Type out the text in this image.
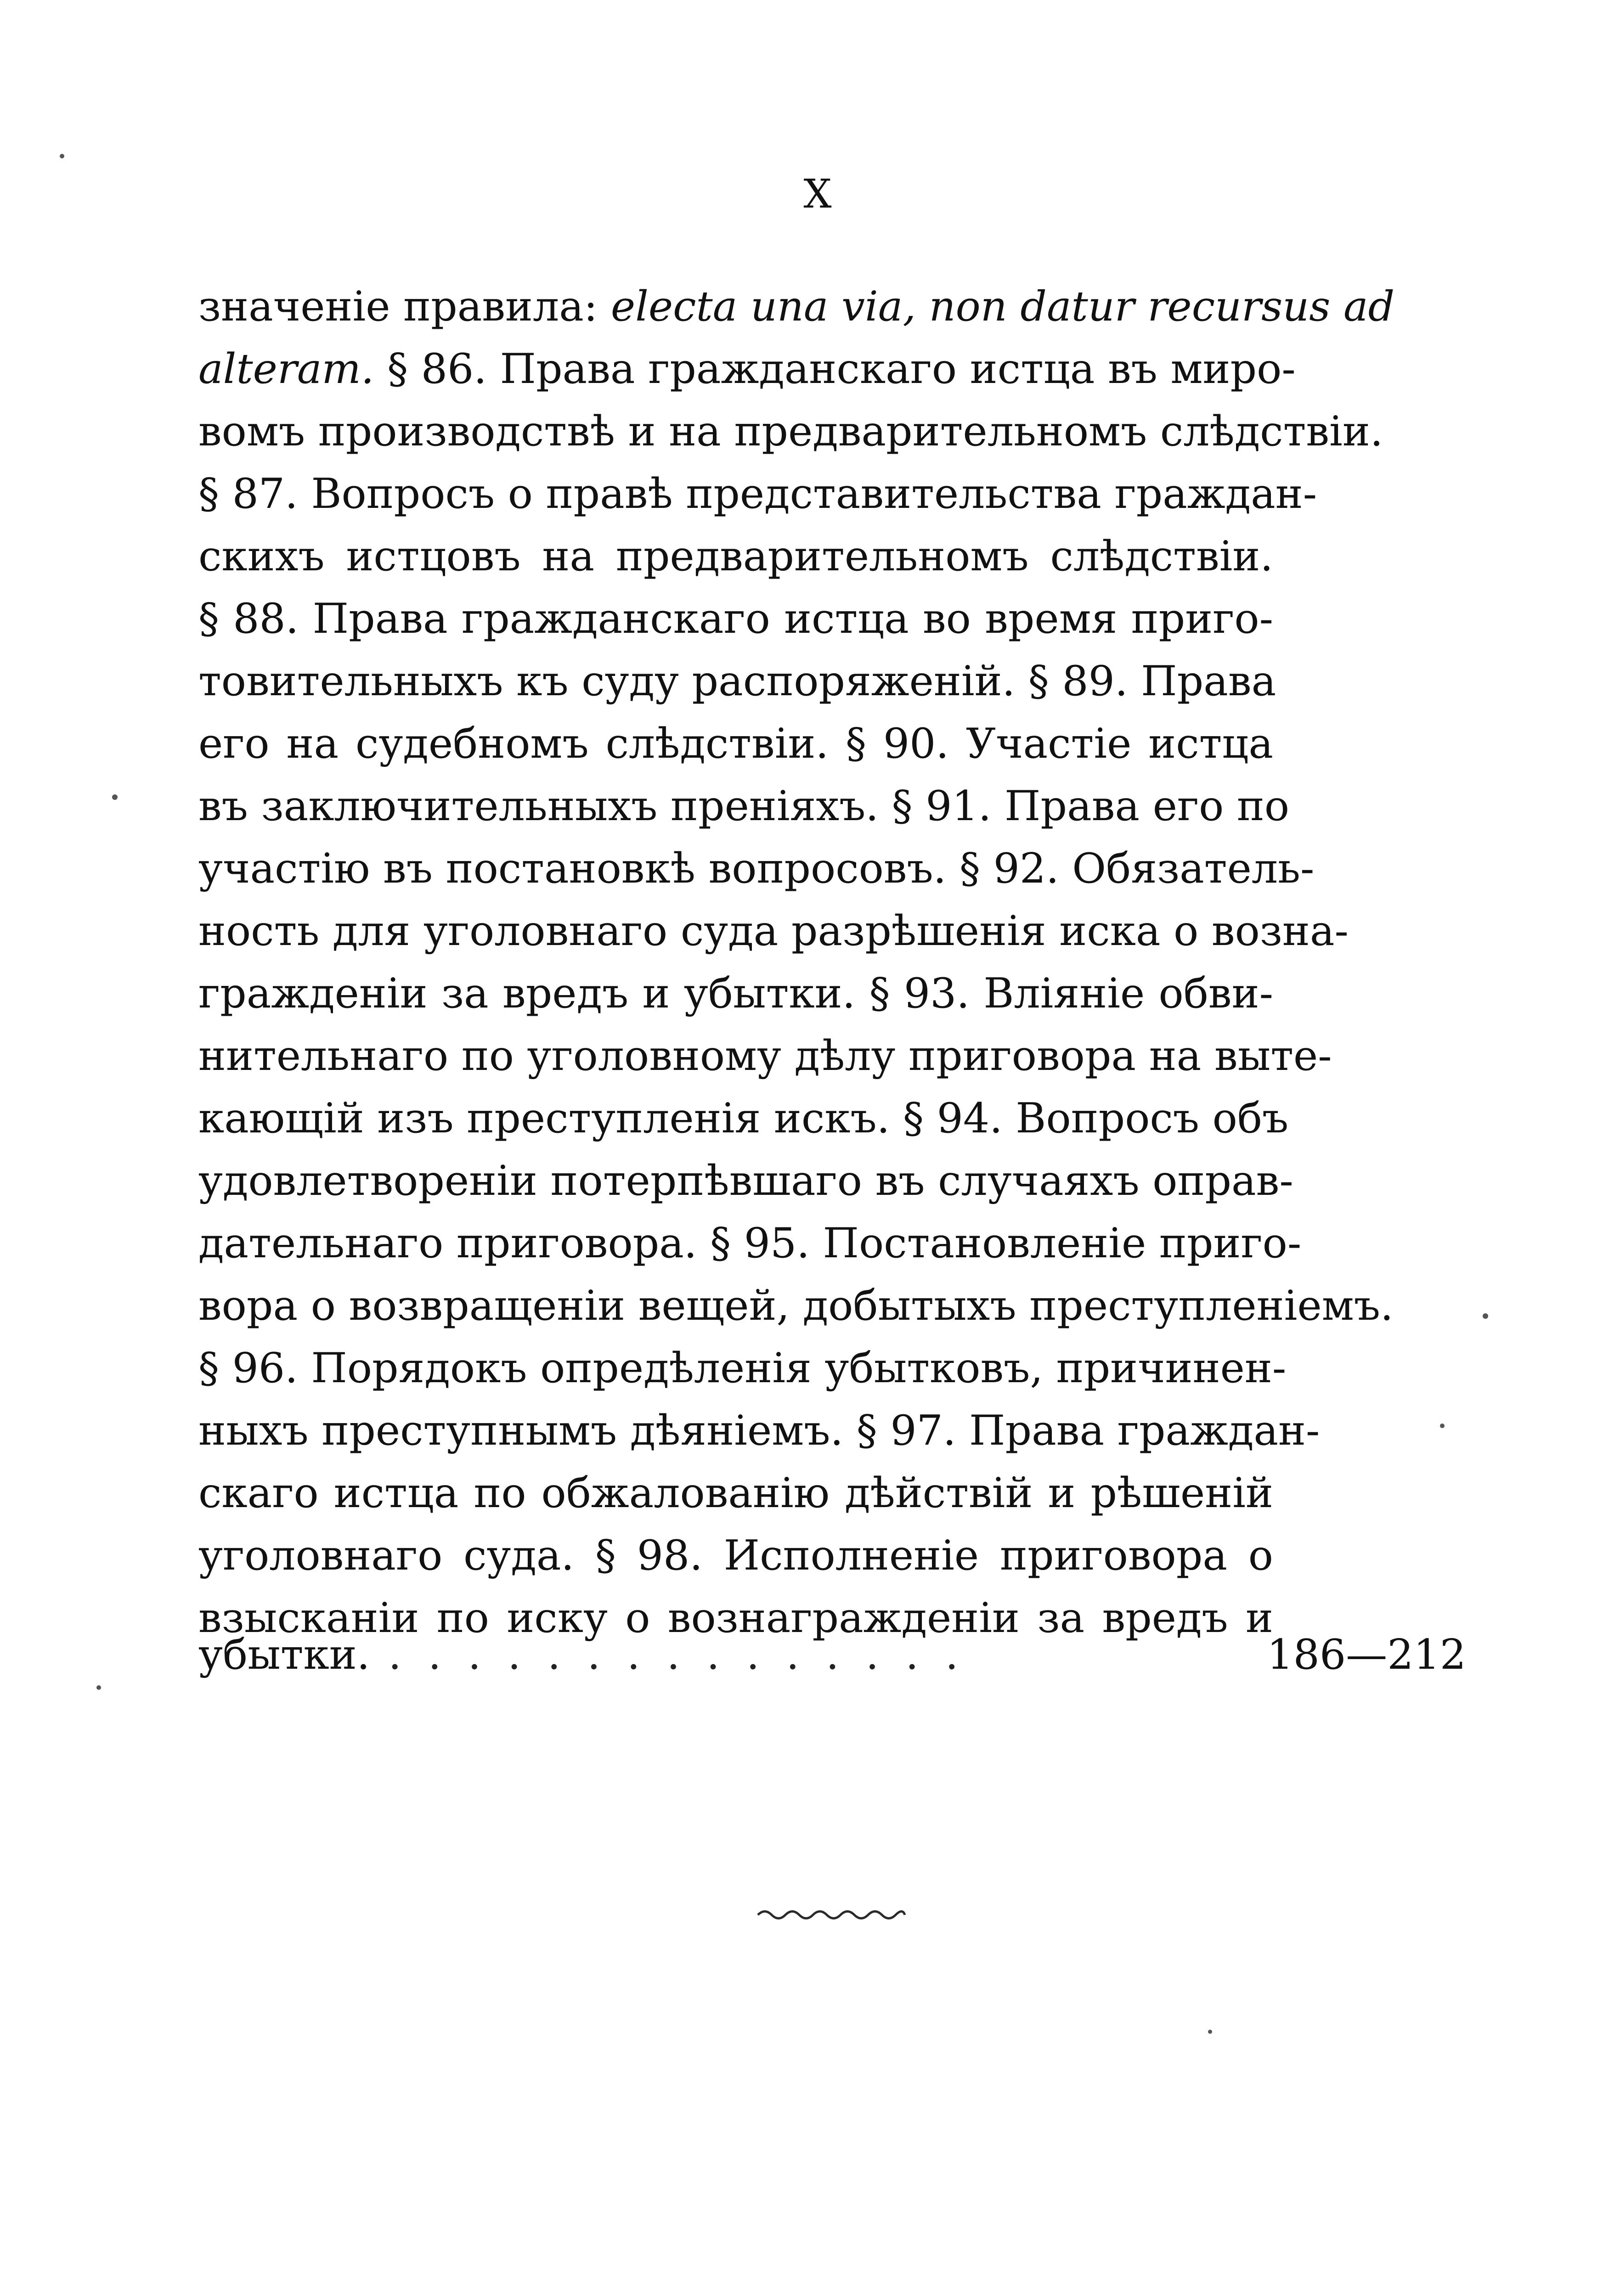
X
значеніе правила: electa una via, non datur recursus ad
alteram. § 86. Права гражданскаго истца въ миро-
вомъ производствѣ и на предварительномъ слѣдствіи.
§ 87. Вопросъ о правѣ представительства граждан-
скихъ истцовъ на предварительномъ слѣдствіи.
§ 88. Права гражданскаго истца во время приго-
товительныхъ къ суду распоряженій. § 89. Права
его на судебномъ слѣдствіи. § 90. Участіе истца
въ заключительныхъ преніяхъ. § 91. Права его по
участію въ постановкѣ вопросовъ. § 92. Обязатель-
ность для уголовнаго суда разрѣшенія иска о возна-
гражденіи за вредъ и убытки. § 93. Вліяніе обви-
нительнаго по уголовному дѣлу приговора на выте-
кающій изъ преступленія искъ. § 94. Вопросъ объ
удовлетвореніи потерпѣвшаго въ случаяхъ оправ-
дательнаго приговора. § 95. Постановленіе приго-
вора о возвращеніи вещей, добытыхъ преступленіемъ.
§ 96. Порядокъ опредѣленія убытковъ, причинен-
ныхъ преступнымъ дѣяніемъ. § 97. Права граждан-
скаго истца по обжалованію дѣйствій и рѣшеній
уголовнаго суда. § 98. Исполненіе приговора о
взысканіи по иску о вознагражденіи за вредъ и
убытки. ...............	186—212
